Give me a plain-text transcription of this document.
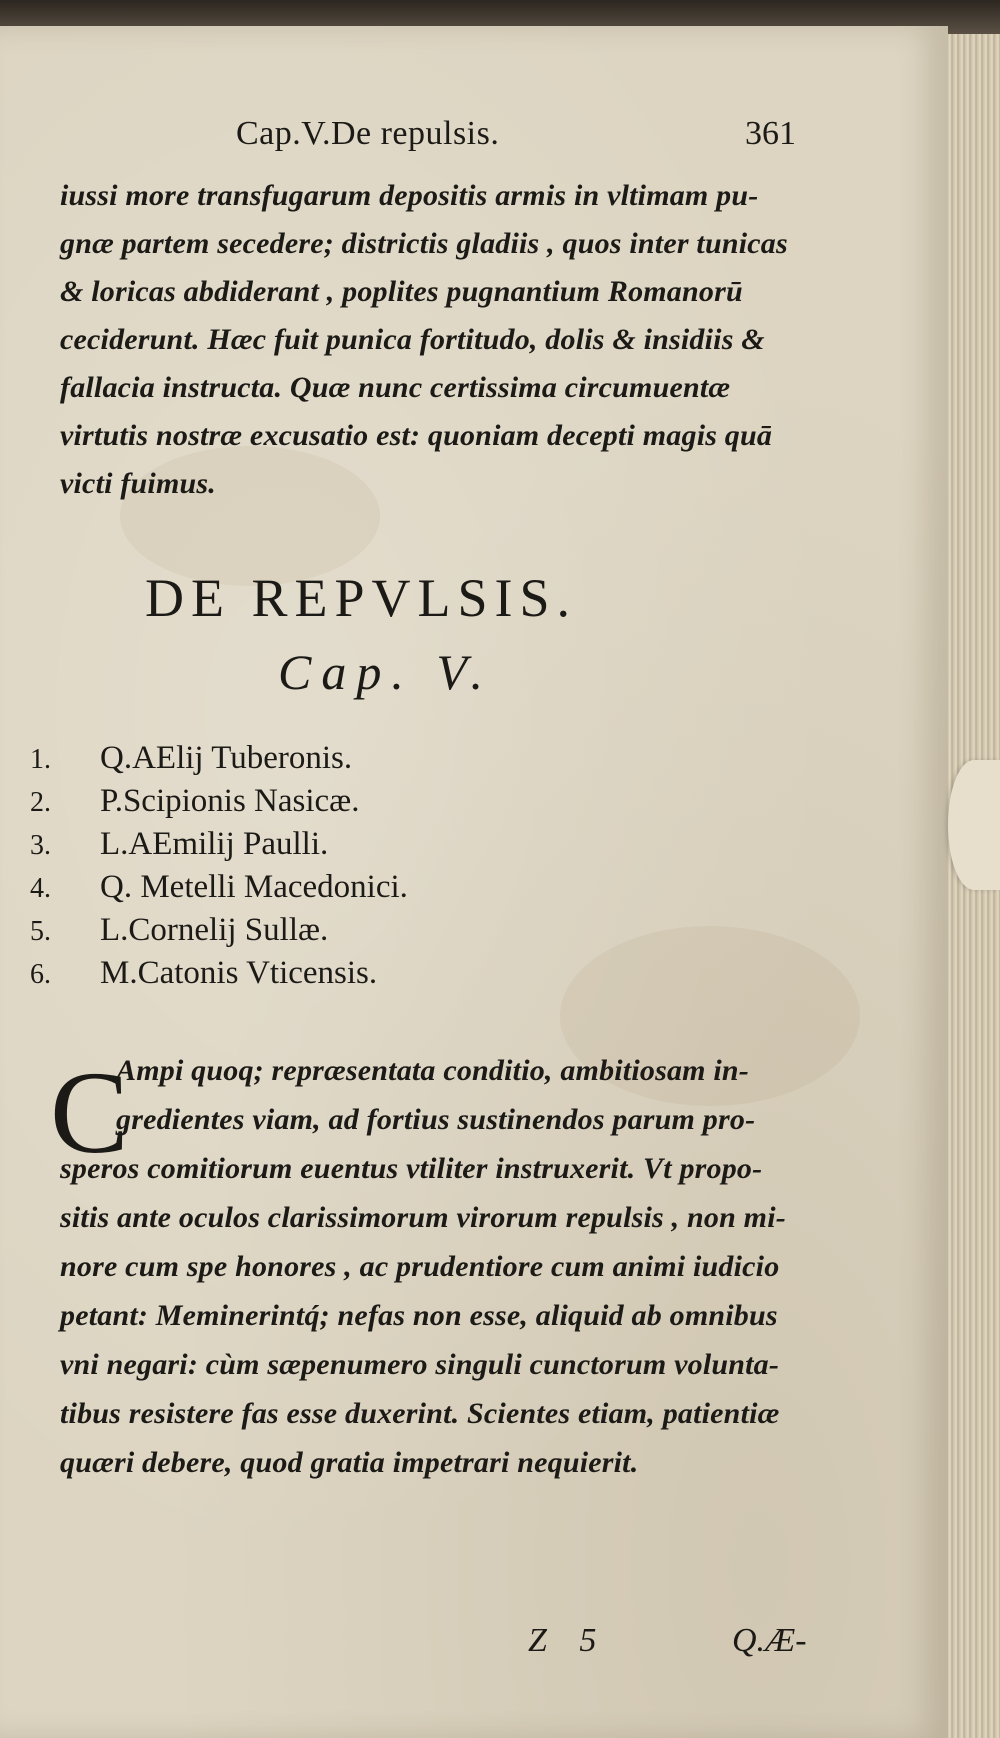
Cap.V.De repulsis.	361
iussi more transfugarum depositis armis in vltimam pu-
gnæ partem secedere; districtis gladiis , quos inter tunicas
& loricas abdiderant , poplites pugnantium Romanorū
ceciderunt. Hæc fuit punica fortitudo, dolis & insidiis &
fallacia instructa. Quæ nunc certissima circumuentæ
virtutis nostræ excusatio est: quoniam decepti magis quā
victi fuimus.
DE REPVLSIS.
Cap. V.
1. Q.AElij Tuberonis.
2. P.Scipionis Nasicæ.
3. L.AEmilij Paulli.
4. Q. Metelli Macedonici.
5. L.Cornelij Sullæ.
6. M.Catonis Vticensis.
C
Ampi quoq; repræsentata conditio, ambitiosam in-
gredientes viam, ad fortius sustinendos parum pro-
speros comitiorum euentus vtiliter instruxerit. Vt propo-
sitis ante oculos clarissimorum virorum repulsis , non mi-
nore cum spe honores , ac prudentiore cum animi iudicio
petant: Meminerintq́; nefas non esse, aliquid ab omnibus
vni negari: cùm sæpenumero singuli cunctorum volunta-
tibus resistere fas esse duxerint. Scientes etiam, patientiæ
quæri debere, quod gratia impetrari nequierit.
Z 5	Q.Æ-
